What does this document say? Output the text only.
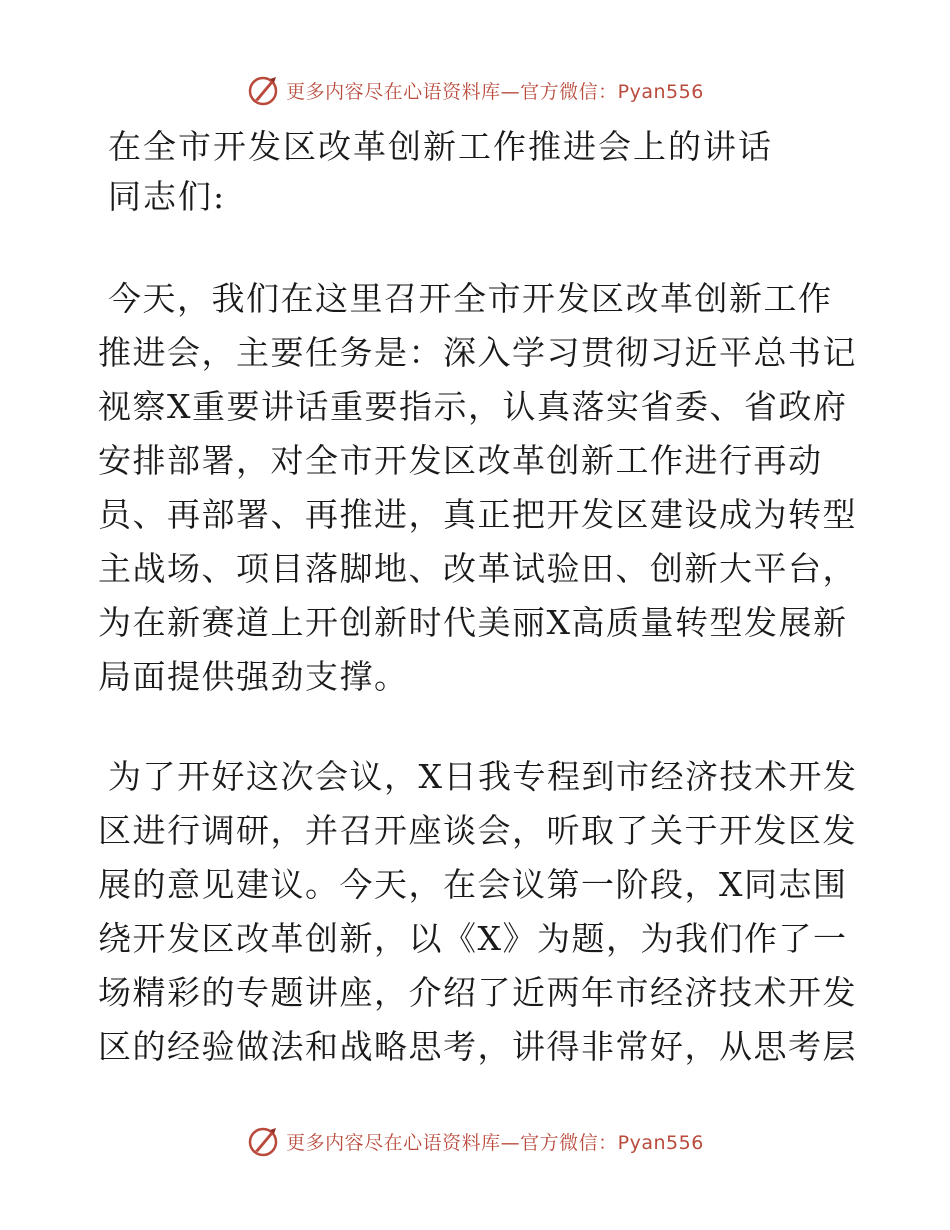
更多内容尽在心语资料库—官方微信：Pyan556
在全市开发区改革创新工作推进会上的讲话
同志们:
今天，我们在这里召开全市开发区改革创新工作
推进会，主要任务是：深入学习贯彻习近平总书记
视察X重要讲话重要指示，认真落实省委、省政府
安排部署，对全市开发区改革创新工作进行再动
员、再部署、再推进，真正把开发区建设成为转型
主战场、项目落脚地、改革试验田、创新大平台，
为在新赛道上开创新时代美丽X高质量转型发展新
局面提供强劲支撑。
为了开好这次会议，X日我专程到市经济技术开发
区进行调研，并召开座谈会，听取了关于开发区发
展的意见建议。今天，在会议第一阶段，X同志围
绕开发区改革创新，以《X》为题，为我们作了一
场精彩的专题讲座，介绍了近两年市经济技术开发
区的经验做法和战略思考，讲得非常好，从思考层
更多内容尽在心语资料库—官方微信：Pyan556
